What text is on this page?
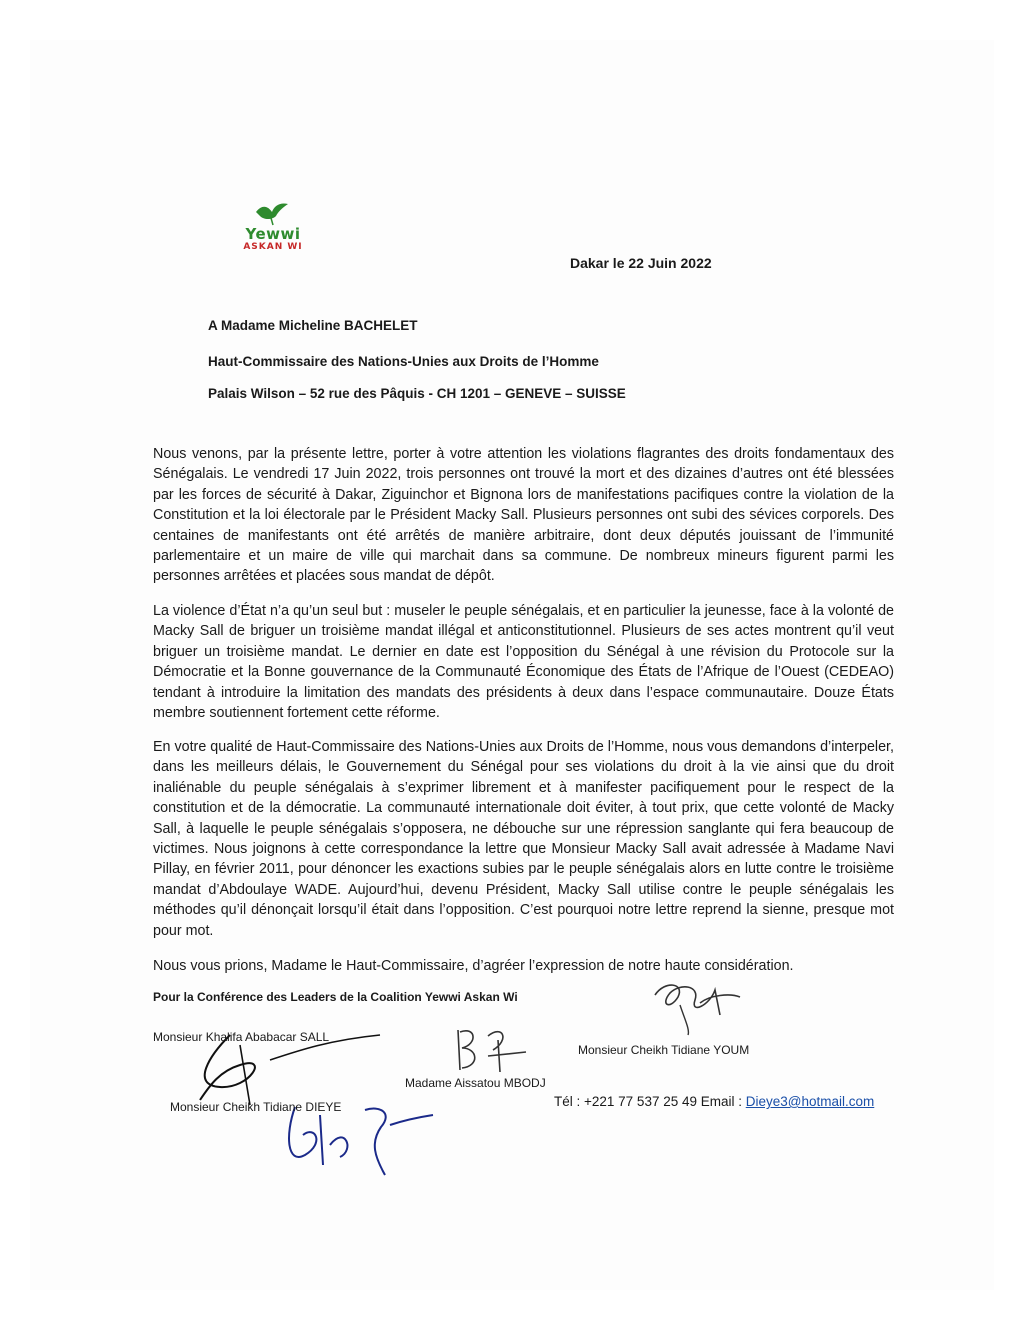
Yewwi
ASKAN WI
Dakar le 22 Juin 2022
A Madame Micheline BACHELET
Haut-Commissaire des Nations-Unies aux Droits de l’Homme
Palais Wilson – 52 rue des Pâquis - CH 1201 – GENEVE – SUISSE

Nous venons, par la présente lettre, porter à votre attention les violations flagrantes des droits fondamentaux des Sénégalais. Le vendredi 17 Juin 2022, trois personnes ont trouvé la mort et des dizaines d’autres ont été blessées par les forces de sécurité à Dakar, Ziguinchor et Bignona lors de manifestations pacifiques contre la violation de la Constitution et la loi électorale par le Président Macky Sall. Plusieurs personnes ont subi des sévices corporels. Des centaines de manifestants ont été arrêtés de manière arbitraire, dont deux députés jouissant de l’immunité parlementaire et un maire de ville qui marchait dans sa commune. De nombreux mineurs figurent parmi les personnes arrêtées et placées sous mandat de dépôt.

La violence d’État n’a qu’un seul but : museler le peuple sénégalais, et en particulier la jeunesse, face à la volonté de Macky Sall de briguer un troisième mandat illégal et anticonstitutionnel. Plusieurs de ses actes montrent qu’il veut briguer un troisième mandat. Le dernier en date est l’opposition du Sénégal à une révision du Protocole sur la Démocratie et la Bonne gouvernance de la Communauté Économique des États de l’Afrique de l’Ouest (CEDEAO) tendant à introduire la limitation des mandats des présidents à deux dans l’espace communautaire. Douze États membre soutiennent fortement cette réforme.

En votre qualité de Haut-Commissaire des Nations-Unies aux Droits de l’Homme, nous vous demandons d’interpeler, dans les meilleurs délais, le Gouvernement du Sénégal pour ses violations du droit à la vie ainsi que du droit inaliénable du peuple sénégalais à s’exprimer librement et à manifester pacifiquement pour le respect de la constitution et de la démocratie. La communauté internationale doit éviter, à tout prix, que cette volonté de Macky Sall, à laquelle le peuple sénégalais s’opposera, ne débouche sur une répression sanglante qui fera beaucoup de victimes. Nous joignons à cette correspondance la lettre que Monsieur Macky Sall avait adressée à Madame Navi Pillay, en février 2011, pour dénoncer les exactions subies par le peuple sénégalais alors en lutte contre le troisième mandat d’Abdoulaye WADE. Aujourd’hui, devenu Président, Macky Sall utilise contre le peuple sénégalais les méthodes qu’il dénonçait lorsqu’il était dans l’opposition. C’est pourquoi notre lettre reprend la sienne, presque mot pour mot.

Nous vous prions, Madame le Haut-Commissaire, d’agréer l’expression de notre haute considération.

Pour la Conférence des Leaders de la Coalition Yewwi Askan Wi
Monsieur Khalifa Ababacar SALL
Monsieur Cheikh Tidiane YOUM
Madame Aissatou MBODJ
Monsieur Cheikh Tidiane DIEYE	Tél : +221 77 537 25 49 Email : Dieye3@hotmail.com
